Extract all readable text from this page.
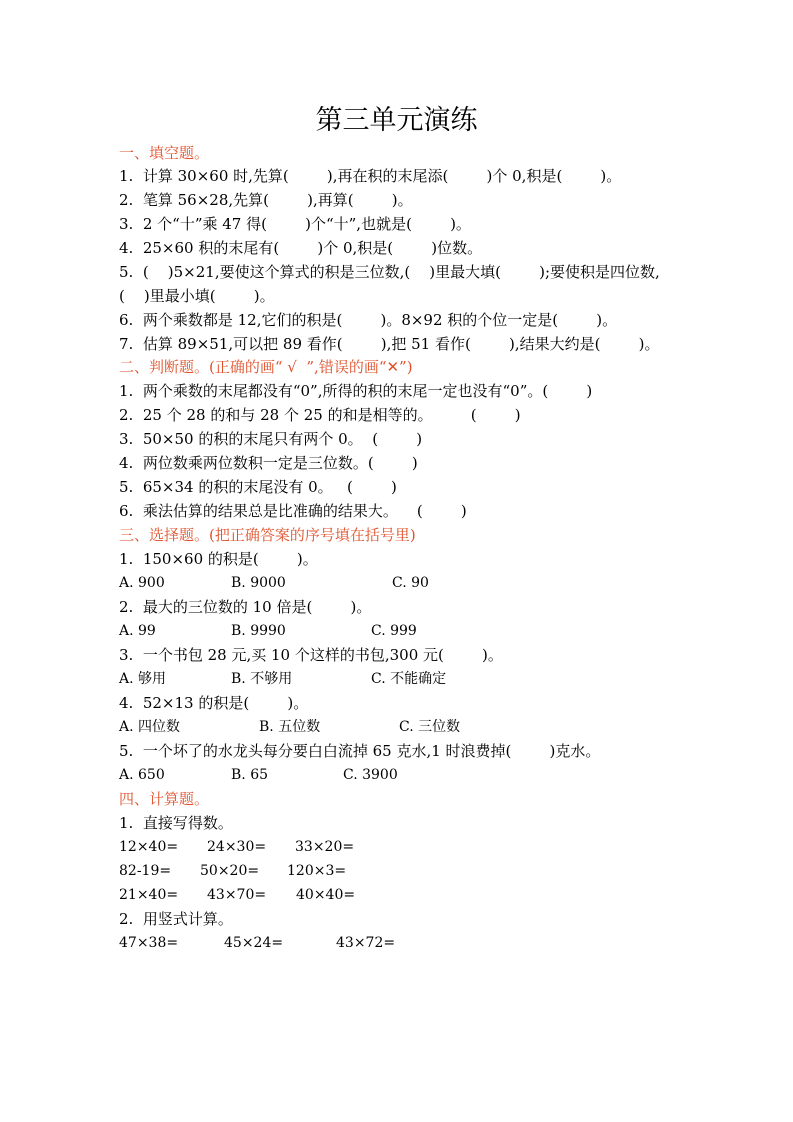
第三单元演练
一、填空题。
1.  计算 30×60 时,先算(        ),再在积的末尾添(        )个 0,积是(        )。
2.  笔算 56×28,先算(        ),再算(        )。
3.  2 个“十”乘 47 得(        )个“十”,也就是(        )。
4.  25×60 积的末尾有(        )个 0,积是(        )位数。
5.  (    )5×21,要使这个算式的积是三位数,(    )里最大填(        );要使积是四位数,
(    )里最小填(        )。
6.  两个乘数都是 12,它们的积是(        )。8×92 积的个位一定是(        )。
7.  估算 89×51,可以把 89 看作(        ),把 51 看作(        ),结果大约是(        )。
二、判断题。(正确的画“ √  ”,错误的画“✕”)
1.  两个乘数的末尾都没有“0”,所得的积的末尾一定也没有“0”。(        )
2.  25 个 28 的和与 28 个 25 的和是相等的。        (        )
3.  50×50 的积的末尾只有两个 0。  (        )
4.  两位数乘两位数积一定是三位数。(        )
5.  65×34 的积的末尾没有 0。   (        )
6.  乘法估算的结果总是比准确的结果大。    (        )
三、选择题。(把正确答案的序号填在括号里)
1.  150×60 的积是(        )。
A. 900	B. 9000	C. 90
2.  最大的三位数的 10 倍是(        )。
A. 99	B. 9990	C. 999
3.  一个书包 28 元,买 10 个这样的书包,300 元(        )。
A. 够用	B. 不够用	C. 不能确定
4.  52×13 的积是(        )。
A. 四位数	B. 五位数	C. 三位数
5.  一个坏了的水龙头每分要白白流掉 65 克水,1 时浪费掉(        )克水。
A. 650	B. 65	C. 3900
四、计算题。
1.  直接写得数。
12×40= 24×30= 33×20=
82-19= 50×20= 120×3=
21×40= 43×70= 40×40=
2.  用竖式计算。
47×38=	45×24=	43×72=
